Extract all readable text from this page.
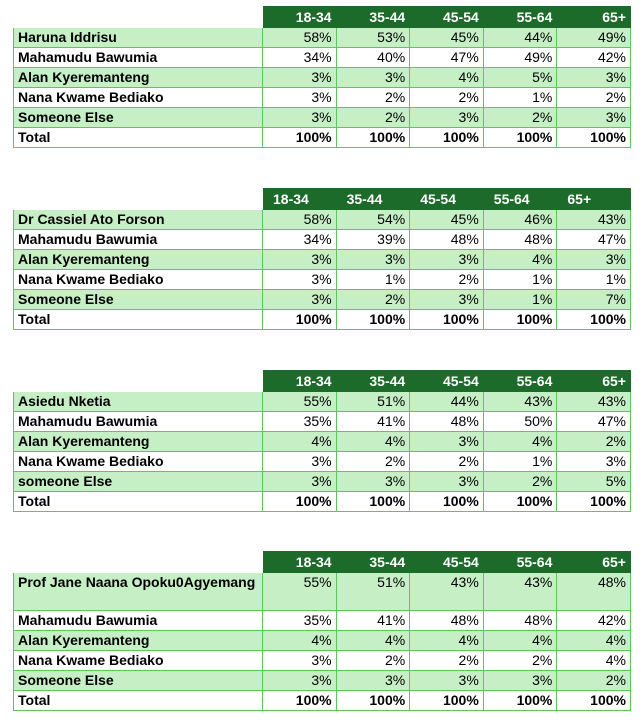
	18-34	35-44	45-54	55-64	65+
Haruna Iddrisu	58%	53%	45%	44%	49%
Mahamudu Bawumia	34%	40%	47%	49%	42%
Alan Kyeremanteng	3%	3%	4%	5%	3%
Nana Kwame Bediako	3%	2%	2%	1%	2%
Someone Else	3%	2%	3%	2%	3%
Total	100%	100%	100%	100%	100%
	18-34	35-44	45-54	55-64	65+
Dr Cassiel Ato Forson	58%	54%	45%	46%	43%
Mahamudu Bawumia	34%	39%	48%	48%	47%
Alan Kyeremanteng	3%	3%	3%	4%	3%
Nana Kwame Bediako	3%	1%	2%	1%	1%
Someone Else	3%	2%	3%	1%	7%
Total	100%	100%	100%	100%	100%
	18-34	35-44	45-54	55-64	65+
Asiedu Nketia	55%	51%	44%	43%	43%
Mahamudu Bawumia	35%	41%	48%	50%	47%
Alan Kyeremanteng	4%	4%	3%	4%	2%
Nana Kwame Bediako	3%	2%	2%	1%	3%
someone Else	3%	3%	3%	2%	5%
Total	100%	100%	100%	100%	100%
	18-34	35-44	45-54	55-64	65+
Prof Jane Naana Opoku0Agyemang	55%	51%	43%	43%	48%
Mahamudu Bawumia	35%	41%	48%	48%	42%
Alan Kyeremanteng	4%	4%	4%	4%	4%
Nana Kwame Bediako	3%	2%	2%	2%	4%
Someone Else	3%	3%	3%	3%	2%
Total	100%	100%	100%	100%	100%
